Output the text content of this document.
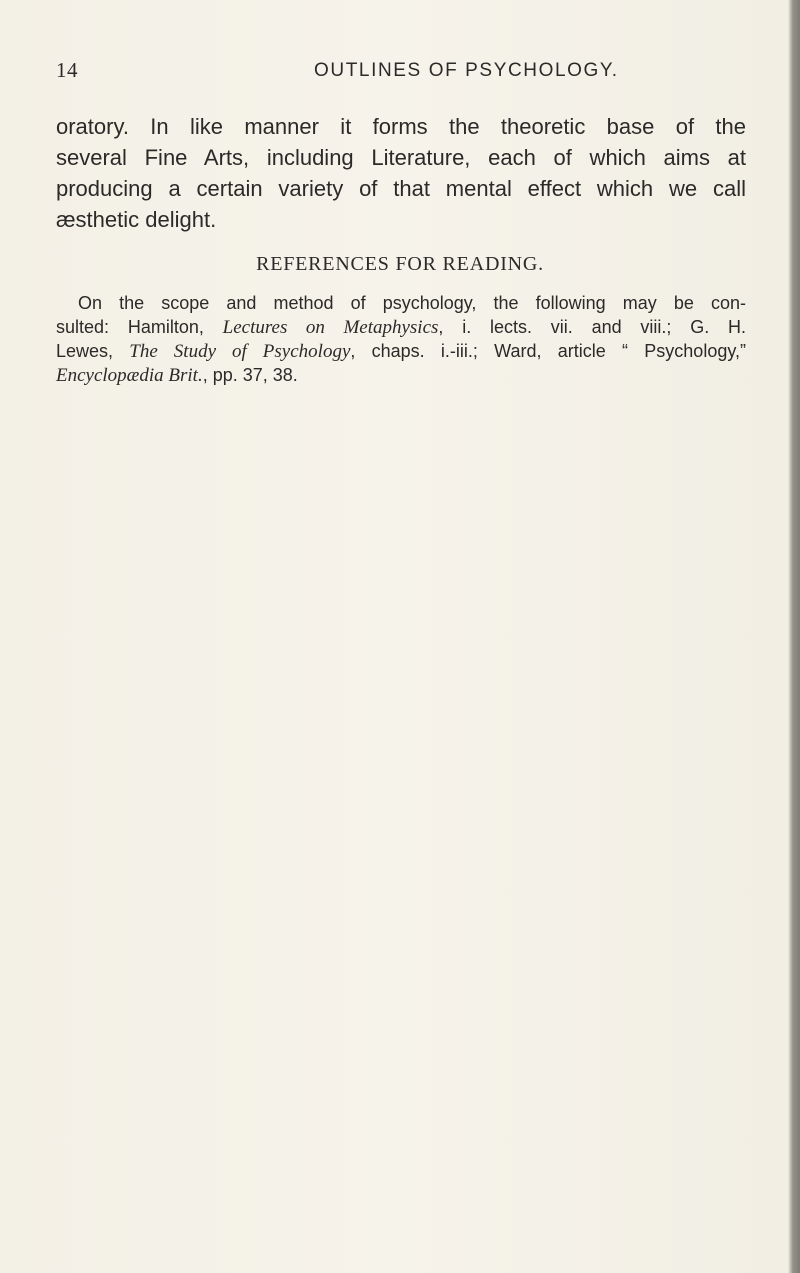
14	OUTLINES OF PSYCHOLOGY.
oratory. In like manner it forms the theoretic base of the
several Fine Arts, including Literature, each of which aims at
producing a certain variety of that mental effect which we call
æsthetic delight.
REFERENCES FOR READING.
On the scope and method of psychology, the following may be con-
sulted: Hamilton, Lectures on Metaphysics, i. lects. vii. and viii.; G. H.
Lewes, The Study of Psychology, chaps. i.-iii.; Ward, article “ Psychology,”
Encyclopædia Brit., pp. 37, 38.
